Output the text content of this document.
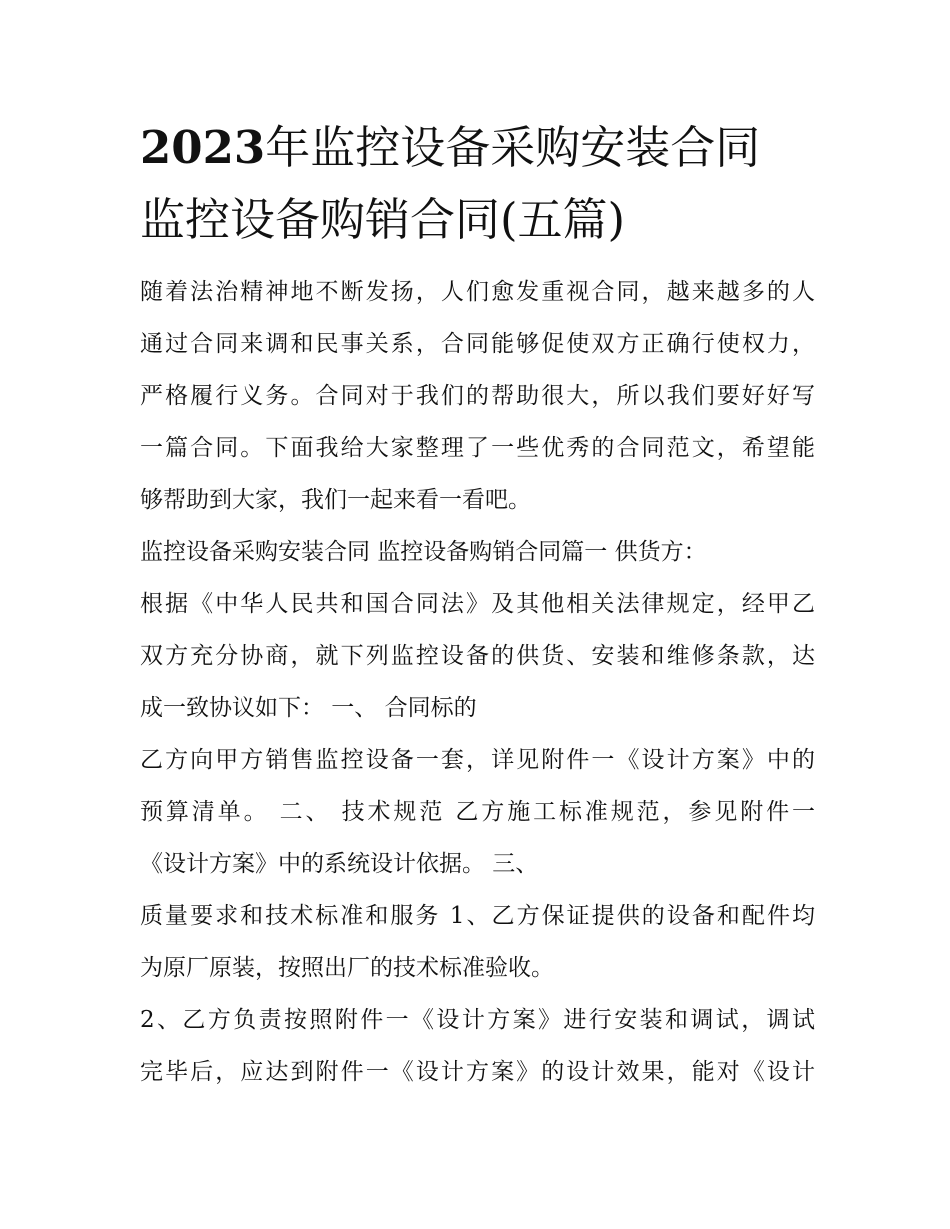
2023年监控设备采购安装合同
监控设备购销合同(五篇)
随着法治精神地不断发扬，人们愈发重视合同，越来越多的人
通过合同来调和民事关系，合同能够促使双方正确行使权力，
严格履行义务。合同对于我们的帮助很大，所以我们要好好写
一篇合同。下面我给大家整理了一些优秀的合同范文，希望能
够帮助到大家，我们一起来看一看吧。
监控设备采购安装合同 监控设备购销合同篇一 供货方：
根据《中华人民共和国合同法》及其他相关法律规定，经甲乙
双方充分协商，就下列监控设备的供货、安装和维修条款，达
成一致协议如下： 一、 合同标的
乙方向甲方销售监控设备一套，详见附件一《设计方案》中的
预算清单。 二、 技术规范 乙方施工标准规范，参见附件一
《设计方案》中的系统设计依据。 三、
质量要求和技术标准和服务 1、乙方保证提供的设备和配件均
为原厂原装，按照出厂的技术标准验收。
2、乙方负责按照附件一《设计方案》进行安装和调试，调试
完毕后，应达到附件一《设计方案》的设计效果，能对《设计
